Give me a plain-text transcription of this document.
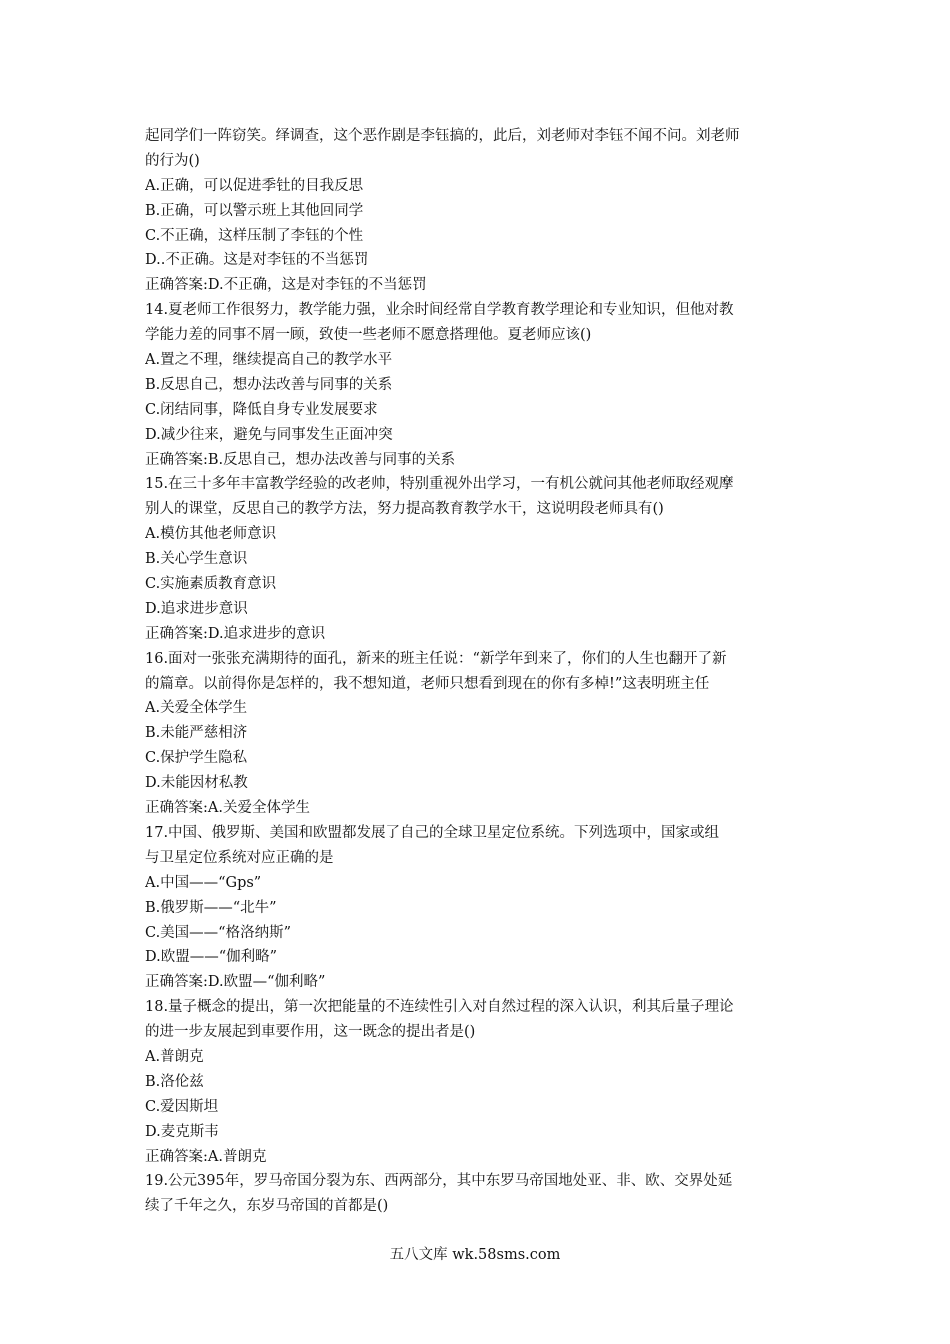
起同学们一阵窃笑。绎调查，这个恶作剧是李钰搞的，此后，刘老师对李钰不闻不问。刘老师
的行为()
A.正确，可以促进季钍的目我反思
B.正确，可以警示班上其他回同学
C.不正确，这样压制了李钰的个性
D..不正确。这是对李钰的不当惩罚
正确答案:D.不正确，这是对李钰的不当惩罚
14.夏老师工作很努力，教学能力强，业余时间经常自学教育教学理论和专业知识，但他对教
学能力差的同事不屑一顾，致使一些老师不愿意搭理他。夏老师应该()
A.置之不理，继续提高自己的教学水平
B.反思自己，想办法改善与同事的关系
C.闭结同事，降低自身专业发展要求
D.减少往来，避免与同事发生正面冲突
正确答案:B.反思自己，想办法改善与同事的关系
15.在三十多年丰富教学经验的改老帅，特别重视外出学习，一有机公就问其他老师取经观摩
别人的课堂，反思自己的教学方法，努力提高教育教学水干，这说明段老师具有()
A.模仿其他老师意识
B.关心学生意识
C.实施素质教育意识
D.追求进步意识
正确答案:D.追求进步的意识
16.面对一张张充满期待的面孔，新来的班主任说：“新学年到来了，你们的人生也翻开了新
的篇章。以前得你是怎样的，我不想知道，老师只想看到现在的你有多棹!”这表明班主任
A.关爱全体学生
B.未能严慈相济
C.保护学生隐私
D.未能因材私教
正确答案:A.关爱全体学生
17.中国、俄罗斯、美国和欧盟都发展了自己的全球卫星定位系统。下列选项中，国家或组
与卫星定位系统对应正确的是
A.中国——“Gps”
B.俄罗斯——“北牛”
C.美国——“格洛纳斯”
D.欧盟——“伽利略”
正确答案:D.欧盟—“伽利略”
18.量子概念的提出，第一次把能量的不连续性引入对自然过程的深入认识，利其后量子理论
的进一步友展起到車要作用，这一既念的提出者是()
A.普朗克
B.洛伦兹
C.爱因斯坦
D.麦克斯韦
正确答案:A.普朗克
19.公元395年，罗马帝国分裂为东、西两部分，其中东罗马帝国地处亚、非、欧、交界处延
续了千年之久，东岁马帝国的首都是()
五八文库 wk.58sms.com
